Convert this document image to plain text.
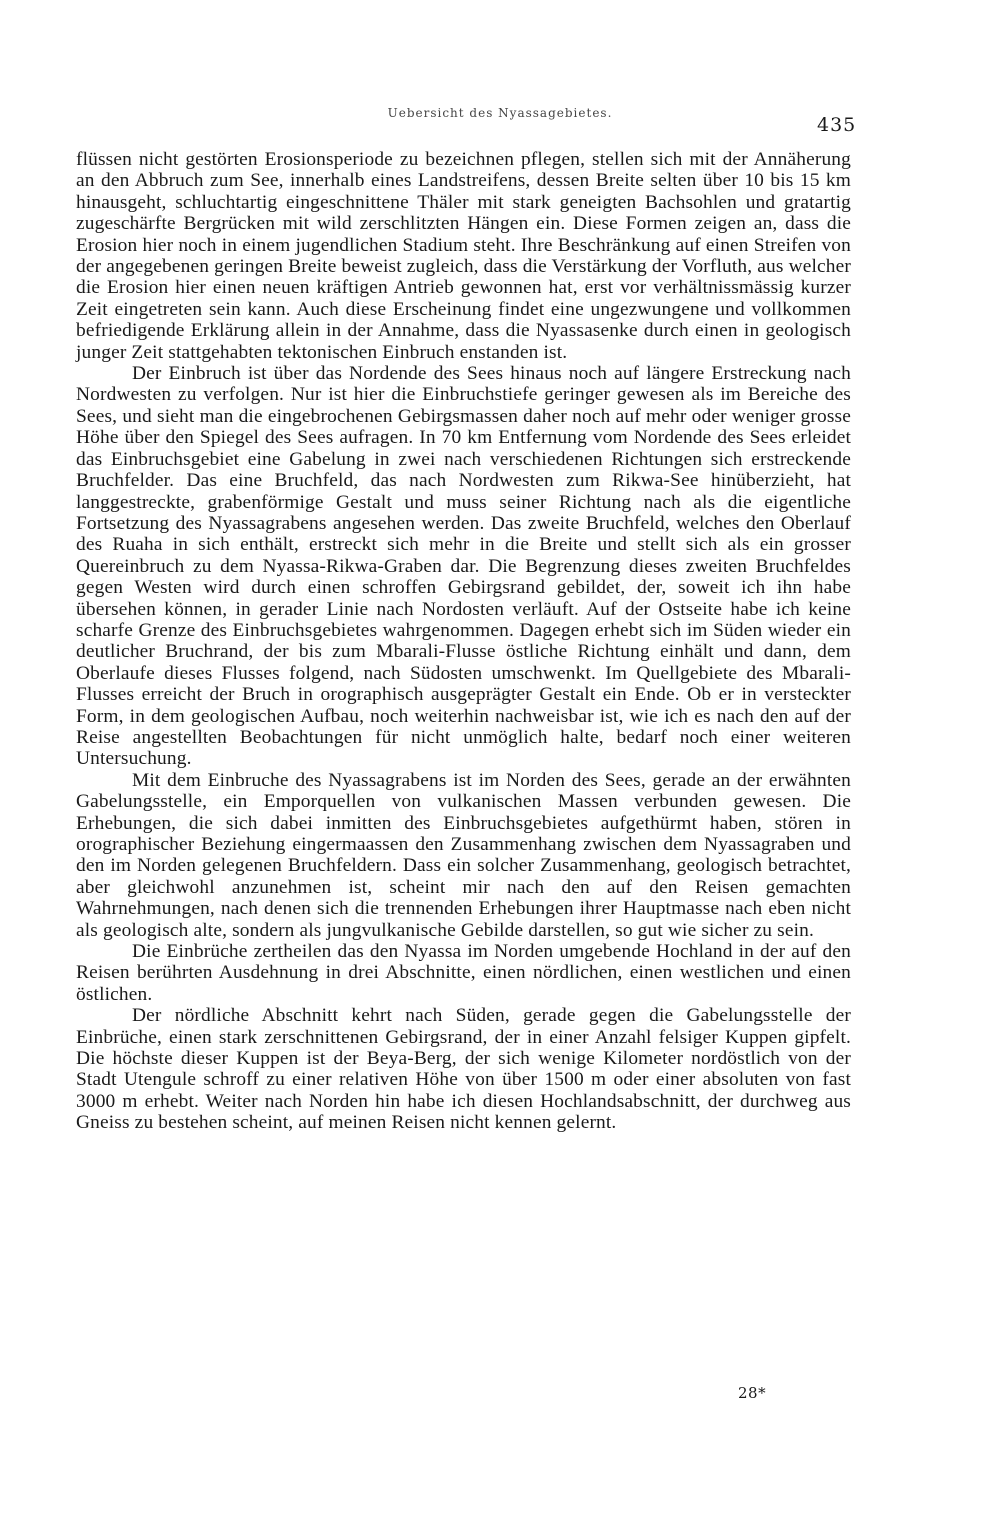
Uebersicht des Nyassagebietes.
435

flüssen nicht gestörten Erosionsperiode zu bezeichnen pflegen, stellen sich mit der Annäherung an den Abbruch zum See, innerhalb eines Landstreifens, dessen Breite selten über 10 bis 15 km hinausgeht, schluchtartig eingeschnittene Thäler mit stark geneigten Bachsohlen und gratartig zugeschärfte Bergrücken mit wild zerschlitzten Hängen ein. Diese Formen zeigen an, dass die Erosion hier noch in einem jugendlichen Stadium steht. Ihre Beschränkung auf einen Streifen von der angegebenen geringen Breite beweist zugleich, dass die Verstärkung der Vorfluth, aus welcher die Erosion hier einen neuen kräftigen Antrieb gewonnen hat, erst vor verhältnissmässig kurzer Zeit eingetreten sein kann. Auch diese Erscheinung findet eine ungezwungene und vollkommen befriedigende Erklärung allein in der Annahme, dass die Nyassasenke durch einen in geologisch junger Zeit stattgehabten tektonischen Einbruch enstanden ist.

Der Einbruch ist über das Nordende des Sees hinaus noch auf längere Erstreckung nach Nordwesten zu verfolgen. Nur ist hier die Einbruchstiefe geringer gewesen als im Bereiche des Sees, und sieht man die eingebrochenen Gebirgsmassen daher noch auf mehr oder weniger grosse Höhe über den Spiegel des Sees aufragen. In 70 km Entfernung vom Nordende des Sees erleidet das Einbruchsgebiet eine Gabelung in zwei nach verschiedenen Richtungen sich erstreckende Bruchfelder. Das eine Bruchfeld, das nach Nordwesten zum Rikwa-See hinüberzieht, hat langgestreckte, grabenförmige Gestalt und muss seiner Richtung nach als die eigentliche Fortsetzung des Nyassagrabens angesehen werden. Das zweite Bruchfeld, welches den Oberlauf des Ruaha in sich enthält, erstreckt sich mehr in die Breite und stellt sich als ein grosser Quereinbruch zu dem Nyassa-Rikwa-Graben dar. Die Begrenzung dieses zweiten Bruchfeldes gegen Westen wird durch einen schroffen Gebirgsrand gebildet, der, soweit ich ihn habe übersehen können, in gerader Linie nach Nordosten verläuft. Auf der Ostseite habe ich keine scharfe Grenze des Einbruchsgebietes wahrgenommen. Dagegen erhebt sich im Süden wieder ein deutlicher Bruchrand, der bis zum Mbarali-Flusse östliche Richtung einhält und dann, dem Oberlaufe dieses Flusses folgend, nach Südosten umschwenkt. Im Quellgebiete des Mbarali-Flusses erreicht der Bruch in orographisch ausgeprägter Gestalt ein Ende. Ob er in versteckter Form, in dem geologischen Aufbau, noch weiterhin nachweisbar ist, wie ich es nach den auf der Reise angestellten Beobachtungen für nicht unmöglich halte, bedarf noch einer weiteren Untersuchung.

Mit dem Einbruche des Nyassagrabens ist im Norden des Sees, gerade an der erwähnten Gabelungsstelle, ein Emporquellen von vulkanischen Massen verbunden gewesen. Die Erhebungen, die sich dabei inmitten des Einbruchsgebietes aufgethürmt haben, stören in orographischer Beziehung eingermaassen den Zusammenhang zwischen dem Nyassagraben und den im Norden gelegenen Bruchfeldern. Dass ein solcher Zusammenhang, geologisch betrachtet, aber gleichwohl anzunehmen ist, scheint mir nach den auf den Reisen gemachten Wahrnehmungen, nach denen sich die trennenden Erhebungen ihrer Hauptmasse nach eben nicht als geologisch alte, sondern als jungvulkanische Gebilde darstellen, so gut wie sicher zu sein.

Die Einbrüche zertheilen das den Nyassa im Norden umgebende Hochland in der auf den Reisen berührten Ausdehnung in drei Abschnitte, einen nördlichen, einen westlichen und einen östlichen.

Der nördliche Abschnitt kehrt nach Süden, gerade gegen die Gabelungsstelle der Einbrüche, einen stark zerschnittenen Gebirgsrand, der in einer Anzahl felsiger Kuppen gipfelt. Die höchste dieser Kuppen ist der Beya-Berg, der sich wenige Kilometer nordöstlich von der Stadt Utengule schroff zu einer relativen Höhe von über 1500 m oder einer absoluten von fast 3000 m erhebt. Weiter nach Norden hin habe ich diesen Hochlandsabschnitt, der durchweg aus Gneiss zu bestehen scheint, auf meinen Reisen nicht kennen gelernt.

28*
